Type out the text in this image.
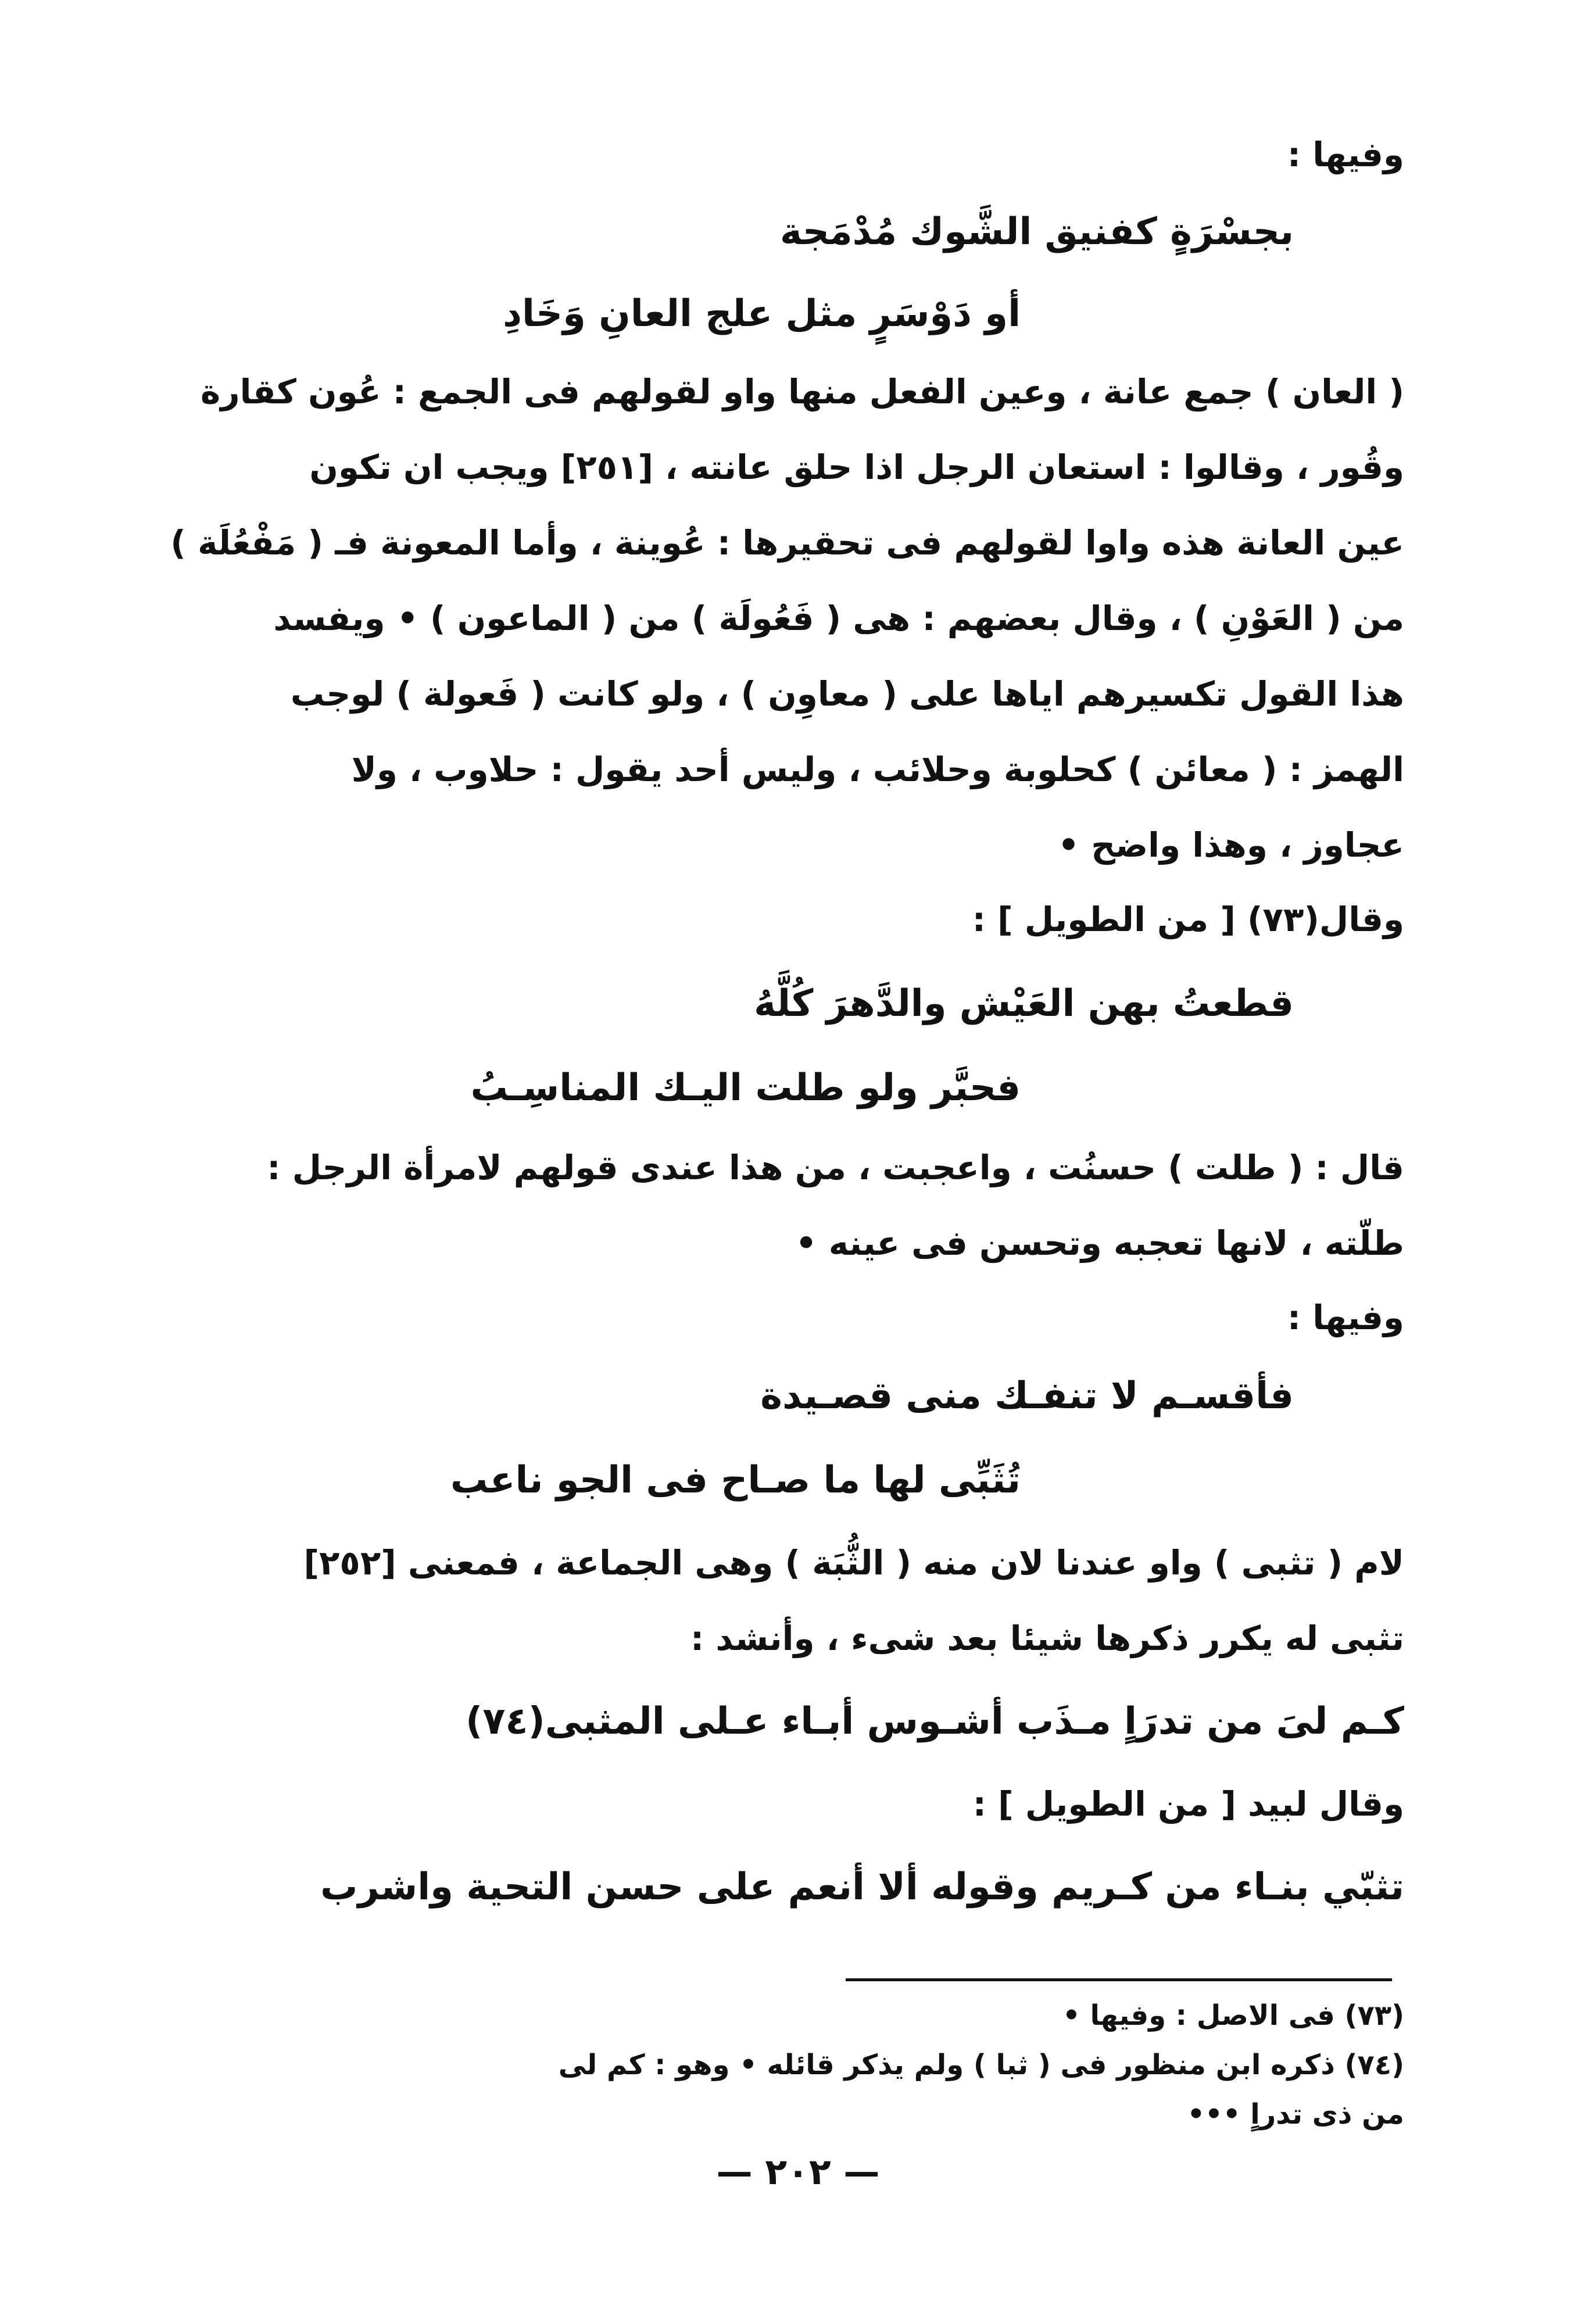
وفيها :
بجسْرَةٍ كفنيق الشَّوك مُدْمَجة
أو دَوْسَرٍ مثل علج العانِ وَخَادِ
( العان ) جمع عانة ، وعين الفعل منها واو لقولهم فى الجمع : عُون كقارة
وقُور ، وقالوا : استعان الرجل اذا حلق عانته ، [٢٥١] ويجب ان تكون
عين العانة هذه واوا لقولهم فى تحقيرها : عُوينة ، وأما المعونة فـ ( مَفْعُلَة )
من ( العَوْنِ ) ، وقال بعضهم : هى ( فَعُولَة ) من ( الماعون ) • ويفسد
هذا القول تكسيرهم اياها على ( معاوِن ) ، ولو كانت ( فَعولة ) لوجب
الهمز : ( معائن ) كحلوبة وحلائب ، وليس أحد يقول : حلاوب ، ولا
عجاوز ، وهذا واضح •
وقال(٧٣) [ من الطويل ] :
قطعتُ بهن العَيْش والدَّهرَ كُلَّهُ
فحبَّر ولو طلت اليـك المناسِـبُ
قال : ( طلت ) حسنُت ، واعجبت ، من هذا عندى قولهم لامرأة الرجل :
طلّته ، لانها تعجبه وتحسن فى عينه •
وفيها :
فأقسـم لا تنفـك منى قصـيدة
تُثَبِّى لها ما صـاح فى الجو ناعب
لام ( تثبى ) واو عندنا لان منه ( الثُّبَة ) وهى الجماعة ، فمعنى [٢٥٢]
تثبى له يكرر ذكرها شيئا بعد شىء ، وأنشد :
كـم لىَ من تدرَاٍ مـذَب أشـوس أبـاء عـلى المثبى(٧٤)
وقال لبيد [ من الطويل ] :
تثبّي بنـاء من كـريم وقوله ألا أنعم على حسن التحية واشرب
(٧٣) فى الاصل : وفيها •
(٧٤) ذكره ابن منظور فى ( ثبا ) ولم يذكر قائله • وهو : كم لى
من ذى تدراٍ •••
— ٢٠٢ —
